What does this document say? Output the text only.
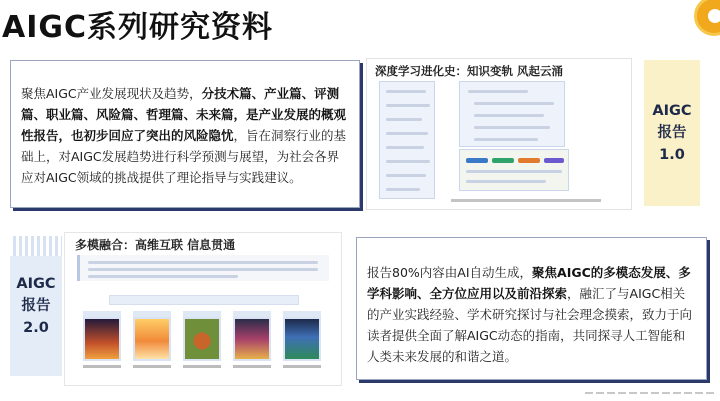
AIGC系列研究资料
聚焦AIGC产业发展现状及趋势，分技术篇、产业篇、评测篇、职业篇、风险篇、哲理篇、未来篇，是产业发展的概观性报告，也初步回应了突出的风险隐忧，旨在洞察行业的基础上，对AIGC发展趋势进行科学预测与展望，为社会各界应对AIGC领域的挑战提供了理论指导与实践建议。
深度学习进化史：知识变轨 风起云涌
AIGC
报告
1.0
AIGC
报告
2.0
多模融合：高维互联 信息贯通
报告80%内容由AI自动生成，聚焦AIGC的多模态发展、多学科影响、全方位应用以及前沿探索，融汇了与AIGC相关的产业实践经验、学术研究探讨与社会理念摸索，致力于向读者提供全面了解AIGC动态的指南，共同探寻人工智能和人类未来发展的和谐之道。
